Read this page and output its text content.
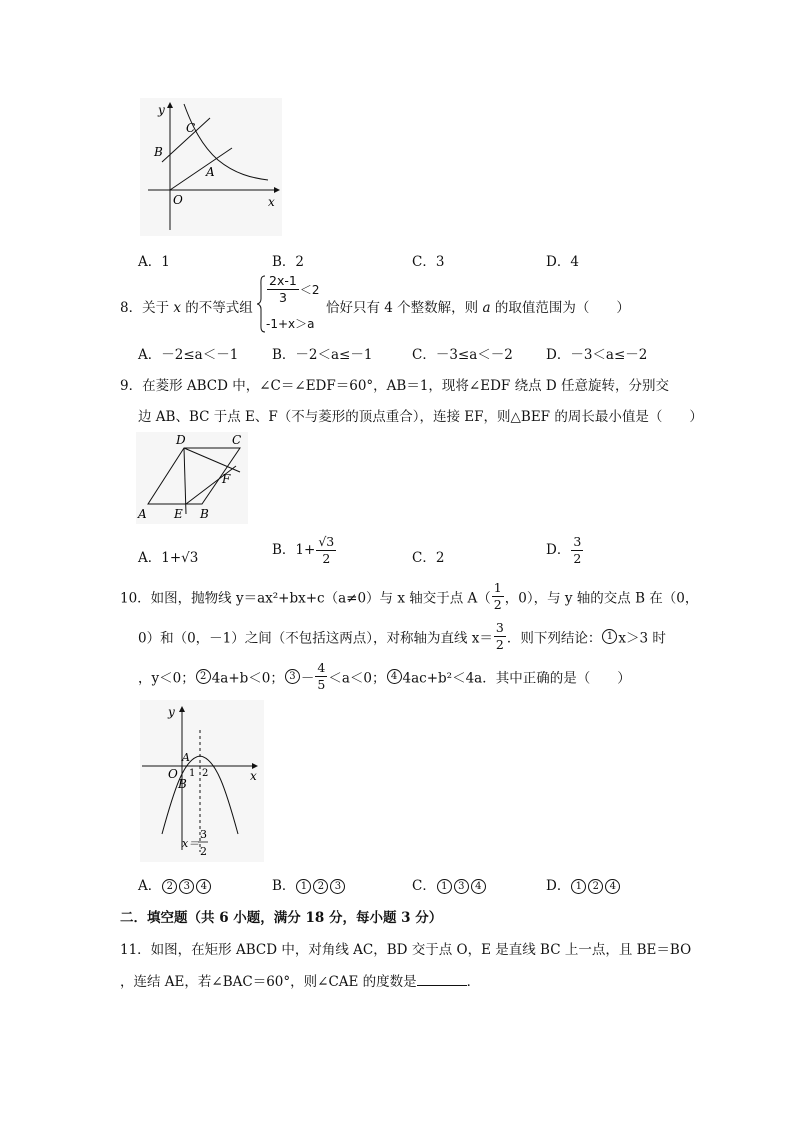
y
x
O
A
B
C
A．1	B．2	C．3	D．4
8．关于 x 的不等式组
$\frac{2x-1}{3} <2$
-1+x＞a
恰好只有 4 个整数解，则 a 的取值范围为（　　）
A．－2≤a＜－1 B．－2＜a≤－1	C．－3≤a＜－2 D．－3＜a≤－2
9．在菱形 ABCD 中，∠C＝∠EDF＝60°，AB＝1，现将∠EDF 绕点 D 任意旋转，分别交
边 AB、BC 于点 E、F（不与菱形的顶点重合），连接 EF，则△BEF 的周长最小值是（　　）
D	C
F
A E B
A．1+√3	B．$1+ \frac{√3}{2}$	C．2	D． $\frac{3}{2}$
10．如图，抛物线 y＝ax²+bx+c（a≠0）与 x 轴交于点 $A( \frac{1}{2}$ ，0），与 y 轴的交点 B 在（0，
0）和（0，－1）之间（不包括这两点），对称轴为直线 $x= \frac{3}{2}$ ．则下列结论： 1 x＞3 时
，y＜0； 2 4a+b＜0； $3 - \frac{4}{5} <a<0$； 4 4ac+b²＜4a．其中正确的是（　　）
y
x
O
A
1 2
B
x＝
3
2
A． 2 3 4	B． 1 2 3	C． 1 3 4	D． 1 2 4
二．填空题（共 6 小题，满分 18 分，每小题 3 分）
11．如图，在矩形 ABCD 中，对角线 AC，BD 交于点 O，E 是直线 BC 上一点，且 BE＝BO
，连结 AE，若∠BAC＝60°，则∠CAE 的度数是	．
